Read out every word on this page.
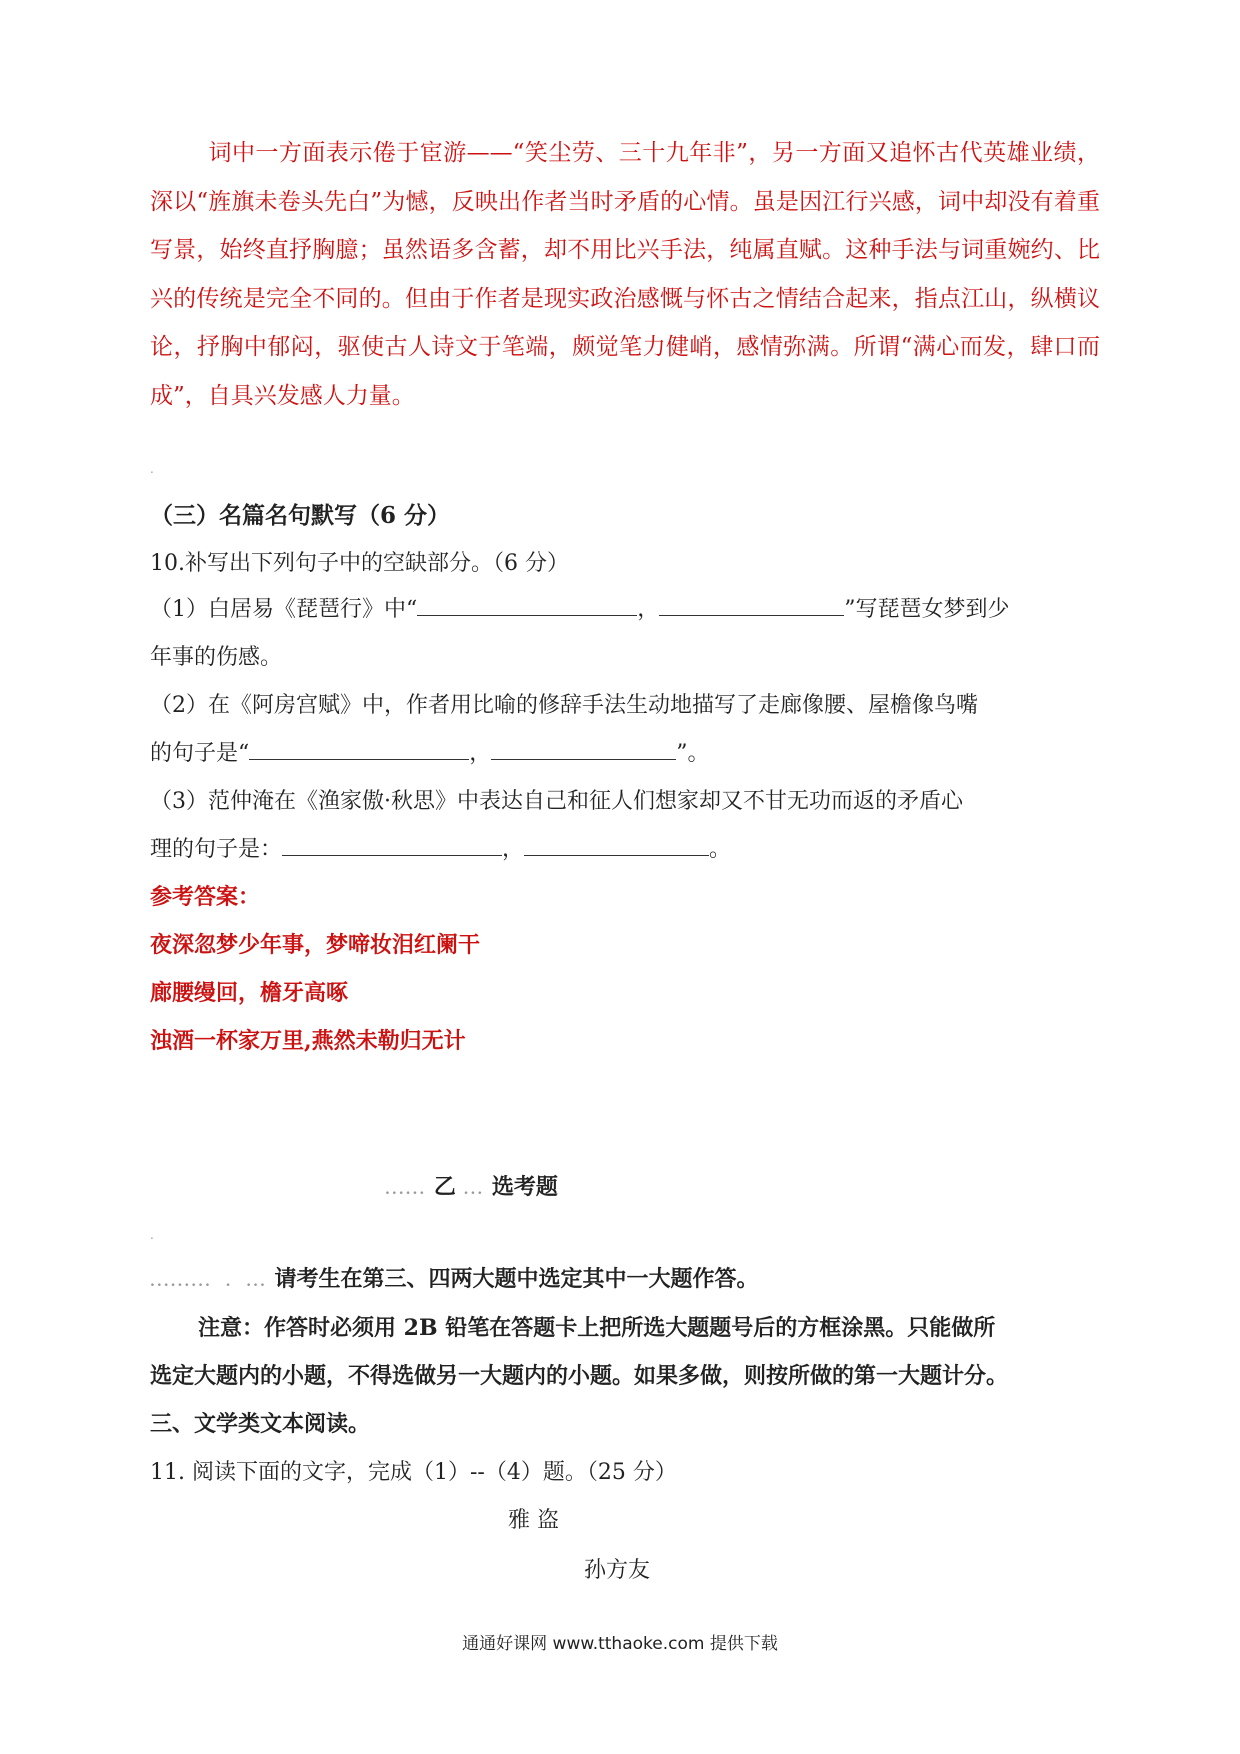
词中一方面表示倦于宦游——“笑尘劳、三十九年非”，另一方面又追怀古代英雄业绩，深以“旌旗未卷头先白”为憾，反映出作者当时矛盾的心情。虽是因江行兴感，词中却没有着重写景，始终直抒胸臆；虽然语多含蓄，却不用比兴手法，纯属直赋。这种手法与词重婉约、比兴的传统是完全不同的。但由于作者是现实政治感慨与怀古之情结合起来，指点江山，纵横议论，抒胸中郁闷，驱使古人诗文于笔端，颇觉笔力健峭，感情弥满。所谓“满心而发，肆口而成”，自具兴发感人力量。
.
（三）名篇名句默写（6 分）
10.补写出下列句子中的空缺部分。（6 分）
（1）白居易《琵琶行》中“	，	”写琵琶女梦到少
年事的伤感。
（2）在《阿房宫赋》中，作者用比喻的修辞手法生动地描写了走廊像腰、屋檐像鸟嘴
的句子是“	，	”。
（3）范仲淹在《渔家傲·秋思》中表达自己和征人们想家却又不甘无功而返的矛盾心
理的句子是：	，	。
参考答案：
夜深忽梦少年事，梦啼妆泪红阑干
廊腰缦回，檐牙高啄
浊酒一杯家万里,燕然未勒归无计
...... 乙 ... 选考题
.
.........  .  ... 请考生在第三、四两大题中选定其中一大题作答。
注意：作答时必须用 2B 铅笔在答题卡上把所选大题题号后的方框涂黑。只能做所
选定大题内的小题，不得选做另一大题内的小题。如果多做，则按所做的第一大题计分。
三、文学类文本阅读。
11. 阅读下面的文字，完成（1）--（4）题。（25 分）
雅 盗
孙方友
通通好课网 www.tthaoke.com 提供下载
